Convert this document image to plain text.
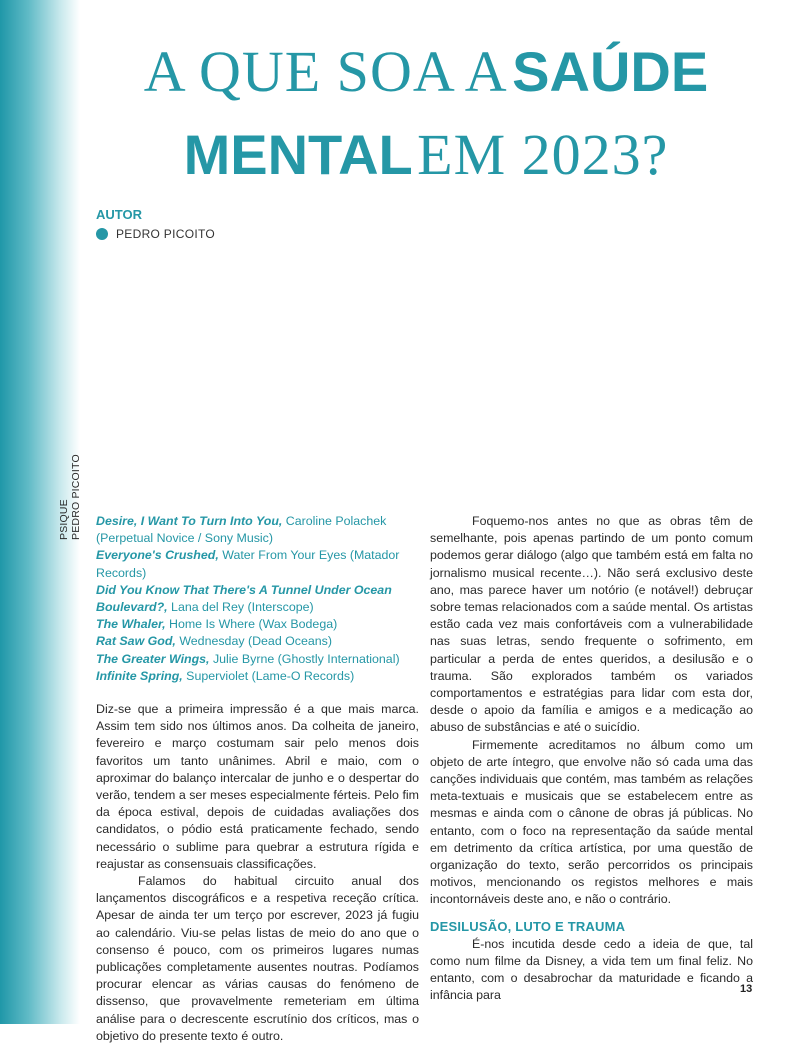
PSIQUE PEDRO PICOITO
A QUE SOA A SAÚDE
MENTAL EM 2023?
AUTOR
PEDRO PICOITO
Desire, I Want To Turn Into You, Caroline Polachek (Perpetual Novice / Sony Music)
Everyone's Crushed, Water From Your Eyes (Matador Records)
Did You Know That There's A Tunnel Under Ocean Boulevard?, Lana del Rey (Interscope)
The Whaler, Home Is Where (Wax Bodega)
Rat Saw God, Wednesday (Dead Oceans)
The Greater Wings, Julie Byrne (Ghostly International)
Infinite Spring, Superviolet (Lame-O Records)

Diz-se que a primeira impressão é a que mais marca. Assim tem sido nos últimos anos. Da colheita de janeiro, fevereiro e março costumam sair pelo menos dois favoritos um tanto unânimes. Abril e maio, com o aproximar do balanço intercalar de junho e o despertar do verão, tendem a ser meses especialmente férteis. Pelo fim da época estival, depois de cuidadas avaliações dos candidatos, o pódio está praticamente fechado, sendo necessário o sublime para quebrar a estrutura rígida e reajustar as consensuais classificações.

Falamos do habitual circuito anual dos lançamentos discográficos e a respetiva receção crítica. Apesar de ainda ter um terço por escrever, 2023 já fugiu ao calendário. Viu-se pelas listas de meio do ano que o consenso é pouco, com os primeiros lugares numas publicações completamente ausentes noutras. Podíamos procurar elencar as várias causas do fenómeno de dissenso, que provavelmente remeteriam em última análise para o decrescente escrutínio dos críticos, mas o objetivo do presente texto é outro.

Foquemo-nos antes no que as obras têm de semelhante, pois apenas partindo de um ponto comum podemos gerar diálogo (algo que também está em falta no jornalismo musical recente…). Não será exclusivo deste ano, mas parece haver um notório (e notável!) debruçar sobre temas relacionados com a saúde mental. Os artistas estão cada vez mais confortáveis com a vulnerabilidade nas suas letras, sendo frequente o sofrimento, em particular a perda de entes queridos, a desilusão e o trauma. São explorados também os variados comportamentos e estratégias para lidar com esta dor, desde o apoio da família e amigos e a medicação ao abuso de substâncias e até o suicídio.

Firmemente acreditamos no álbum como um objeto de arte íntegro, que envolve não só cada uma das canções individuais que contém, mas também as relações meta-textuais e musicais que se estabelecem entre as mesmas e ainda com o cânone de obras já públicas. No entanto, com o foco na representação da saúde mental em detrimento da crítica artística, por uma questão de organização do texto, serão percorridos os principais motivos, mencionando os registos melhores e mais incontornáveis deste ano, e não o contrário.

DESILUSÃO, LUTO E TRAUMA

É-nos incutida desde cedo a ideia de que, tal como num filme da Disney, a vida tem um final feliz. No entanto, com o desabrochar da maturidade e ficando a infância para	13
